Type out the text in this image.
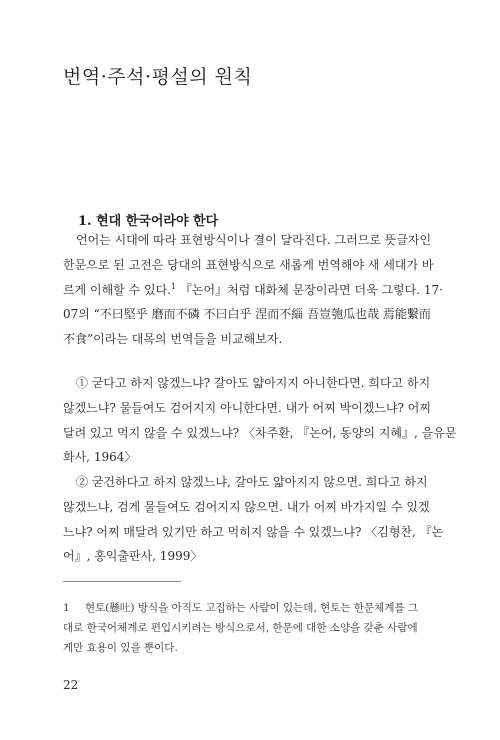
번역·주석·평설의 원칙
1. 현대 한국어라야 한다

언어는 시대에 따라 표현방식이나 결이 달라진다. 그러므로 뜻글자인
한문으로 된 고전은 당대의 표현방식으로 새롭게 번역해야 새 세대가 바
르게 이해할 수 있다.$^1$ 『논어』처럼 대화체 문장이라면 더욱 그렇다. 17·
07의 “不曰堅乎 磨而不磷 不曰白乎 涅而不緇 吾豈匏瓜也哉 焉能繫而
不食”이라는 대목의 번역들을 비교해보자.

① 굳다고 하지 않겠느냐? 갈아도 얇아지지 아니한다면. 희다고 하지
않겠느냐? 물들여도 검어지지 아니한다면. 내가 어찌 박이겠느냐? 어찌
달려 있고 먹지 않을 수 있겠느냐? 〈차주환, 『논어, 동양의 지혜』, 을유문
화사, 1964〉

② 굳건하다고 하지 않겠느냐, 갈아도 얇아지지 않으면. 희다고 하지
않겠느냐, 검게 물들여도 검어지지 않으면. 내가 어찌 바가지일 수 있겠
느냐? 어찌 매달려 있기만 하고 먹히지 않을 수 있겠느냐? 〈김형찬, 『논
어』, 홍익출판사, 1999〉

1 현토(懸吐) 방식을 아직도 고집하는 사람이 있는데, 현토는 한문체계를 그
대로 한국어체계로 편입시키려는 방식으로서, 한문에 대한 소양을 갖춘 사람에
게만 효용이 있을 뿐이다.
22
